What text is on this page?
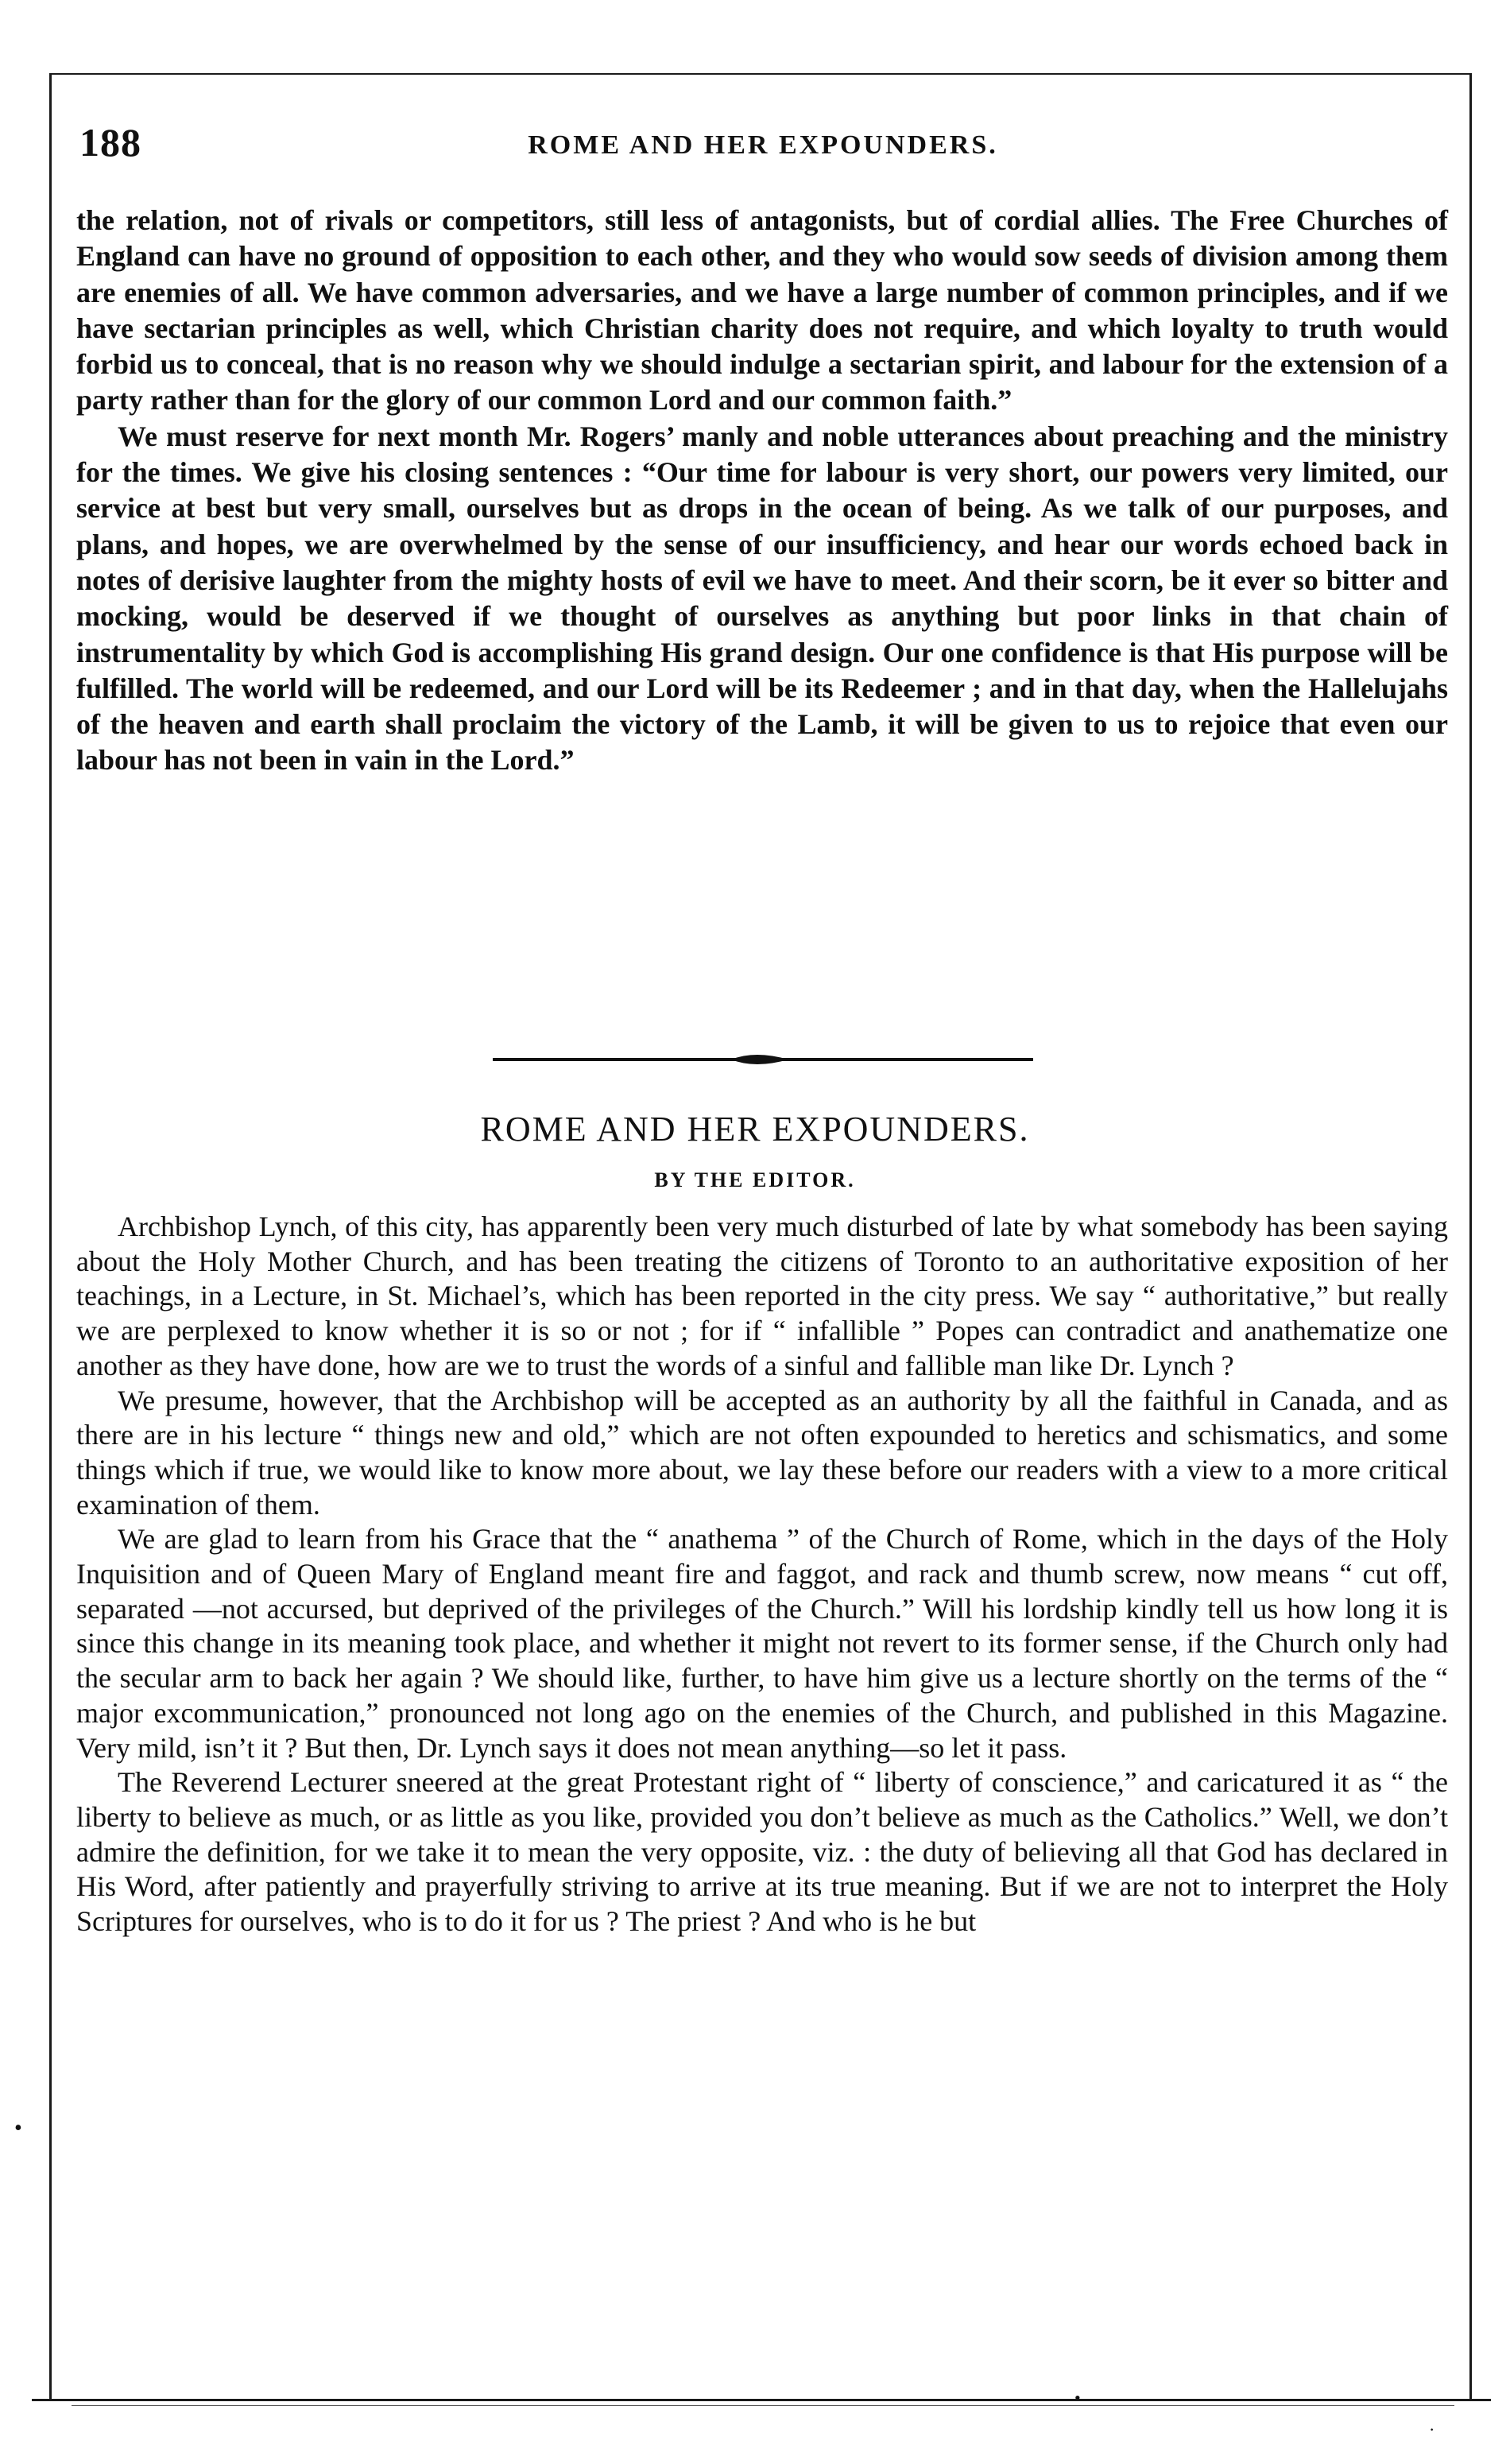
188	ROME AND HER EXPOUNDERS.

the relation, not of rivals or competitors, still less of antagonists, but of cordial allies. The Free Churches of England can have no ground of opposition to each other, and they who would sow seeds of division among them are enemies of all. We have common adversaries, and we have a large number of common principles, and if we have sectarian principles as well, which Christian charity does not require, and which loyalty to truth would forbid us to conceal, that is no reason why we should indulge a sectarian spirit, and labour for the extension of a party rather than for the glory of our common Lord and our common faith.”

We must reserve for next month Mr. Rogers’ manly and noble utterances about preaching and the ministry for the times. We give his closing sentences : “Our time for labour is very short, our powers very limited, our service at best but very small, ourselves but as drops in the ocean of being. As we talk of our purposes, and plans, and hopes, we are overwhelmed by the sense of our insufficiency, and hear our words echoed back in notes of derisive laughter from the mighty hosts of evil we have to meet. And their scorn, be it ever so bitter and mocking, would be deserved if we thought of ourselves as anything but poor links in that chain of instrumentality by which God is accomplishing His grand design. Our one confidence is that His purpose will be fulfilled. The world will be redeemed, and our Lord will be its Redeemer ; and in that day, when the Hallelujahs of the heaven and earth shall proclaim the victory of the Lamb, it will be given to us to rejoice that even our labour has not been in vain in the Lord.”

ROME AND HER EXPOUNDERS.
BY THE EDITOR.

Archbishop Lynch, of this city, has apparently been very much disturbed of late by what somebody has been saying about the Holy Mother Church, and has been treating the citizens of Toronto to an authoritative exposition of her teachings, in a Lecture, in St. Michael’s, which has been reported in the city press. We say “ authoritative,” but really we are perplexed to know whether it is so or not ; for if “ infallible ” Popes can contradict and anathematize one another as they have done, how are we to trust the words of a sinful and fallible man like Dr. Lynch ?

We presume, however, that the Archbishop will be accepted as an authority by all the faithful in Canada, and as there are in his lecture “ things new and old,” which are not often expounded to heretics and schismatics, and some things which if true, we would like to know more about, we lay these before our readers with a view to a more critical examination of them.

We are glad to learn from his Grace that the “ anathema ” of the Church of Rome, which in the days of the Holy Inquisition and of Queen Mary of England meant fire and faggot, and rack and thumb screw, now means “ cut off, separated —not accursed, but deprived of the privileges of the Church.” Will his lordship kindly tell us how long it is since this change in its meaning took place, and whether it might not revert to its former sense, if the Church only had the secular arm to back her again ? We should like, further, to have him give us a lecture shortly on the terms of the “ major excommunication,” pronounced not long ago on the enemies of the Church, and published in this Magazine. Very mild, isn’t it ? But then, Dr. Lynch says it does not mean anything—so let it pass.

The Reverend Lecturer sneered at the great Protestant right of “ liberty of conscience,” and caricatured it as “ the liberty to believe as much, or as little as you like, provided you don’t believe as much as the Catholics.” Well, we don’t admire the definition, for we take it to mean the very opposite, viz. : the duty of believing all that God has declared in His Word, after patiently and prayerfully striving to arrive at its true meaning. But if we are not to interpret the Holy Scriptures for ourselves, who is to do it for us ? The priest ? And who is he but

•
•
·
